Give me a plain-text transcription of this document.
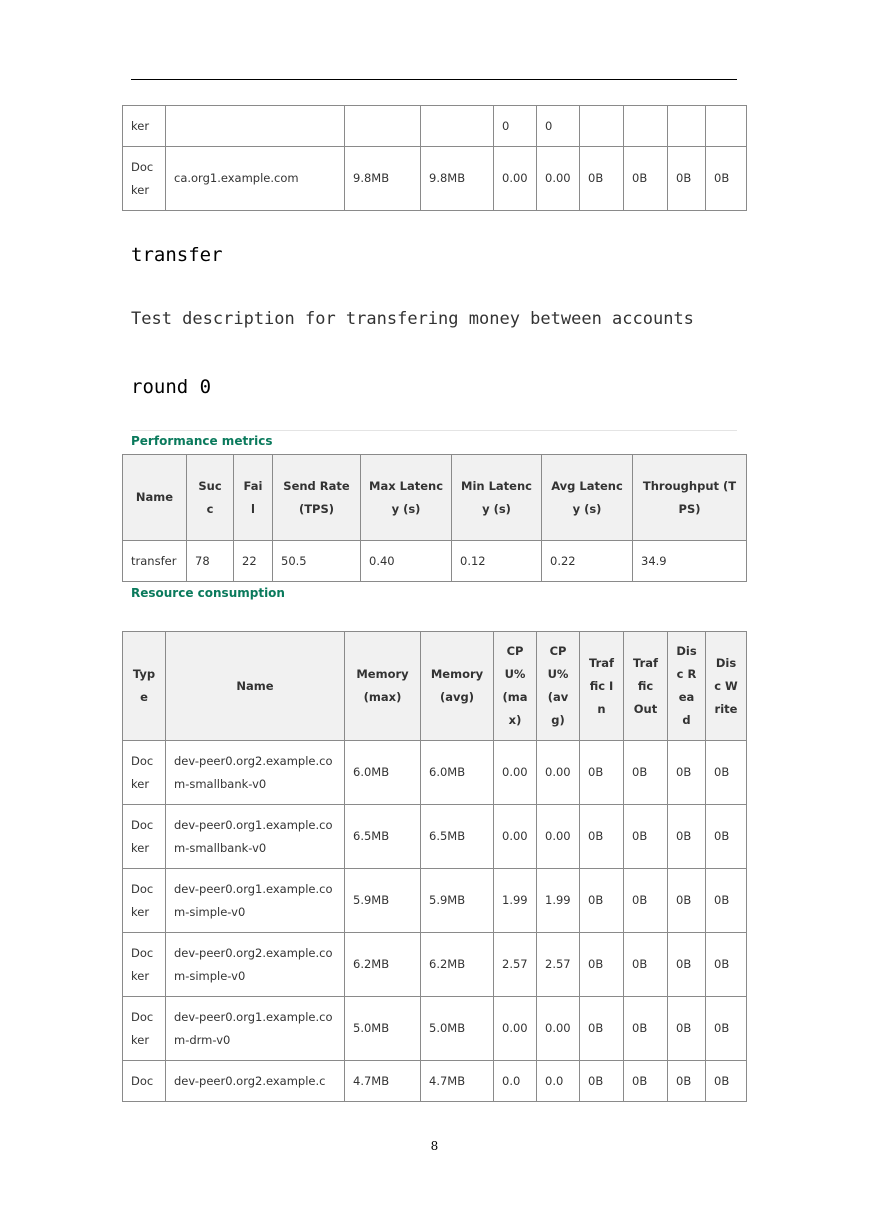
ker				0	0				
Docker	ca.org1.example.com	9.8MB	9.8MB	0.00	0.00	0B	0B	0B	0B
transfer
Test description for transfering money between accounts
round 0
Performance metrics
Name	Succ	Fail	Send Rate (TPS)	Max Latency (s)	Min Latency (s)	Avg Latency (s)	Throughput (TPS)
transfer	78	22	50.5	0.40	0.12	0.22	34.9
Resource consumption
Type	Name	Memory (max)	Memory (avg)	CPU% (max)	CPU% (avg)	Traffic In	Traffic Out	Disc Read	Disc Write
Docker	dev-peer0.org2.example.com-smallbank-v0	6.0MB	6.0MB	0.00	0.00	0B	0B	0B	0B
Docker	dev-peer0.org1.example.com-smallbank-v0	6.5MB	6.5MB	0.00	0.00	0B	0B	0B	0B
Docker	dev-peer0.org1.example.com-simple-v0	5.9MB	5.9MB	1.99	1.99	0B	0B	0B	0B
Docker	dev-peer0.org2.example.com-simple-v0	6.2MB	6.2MB	2.57	2.57	0B	0B	0B	0B
Docker	dev-peer0.org1.example.com-drm-v0	5.0MB	5.0MB	0.00	0.00	0B	0B	0B	0B
Doc	dev-peer0.org2.example.c	4.7MB	4.7MB	0.0	0.0	0B	0B	0B	0B
8
